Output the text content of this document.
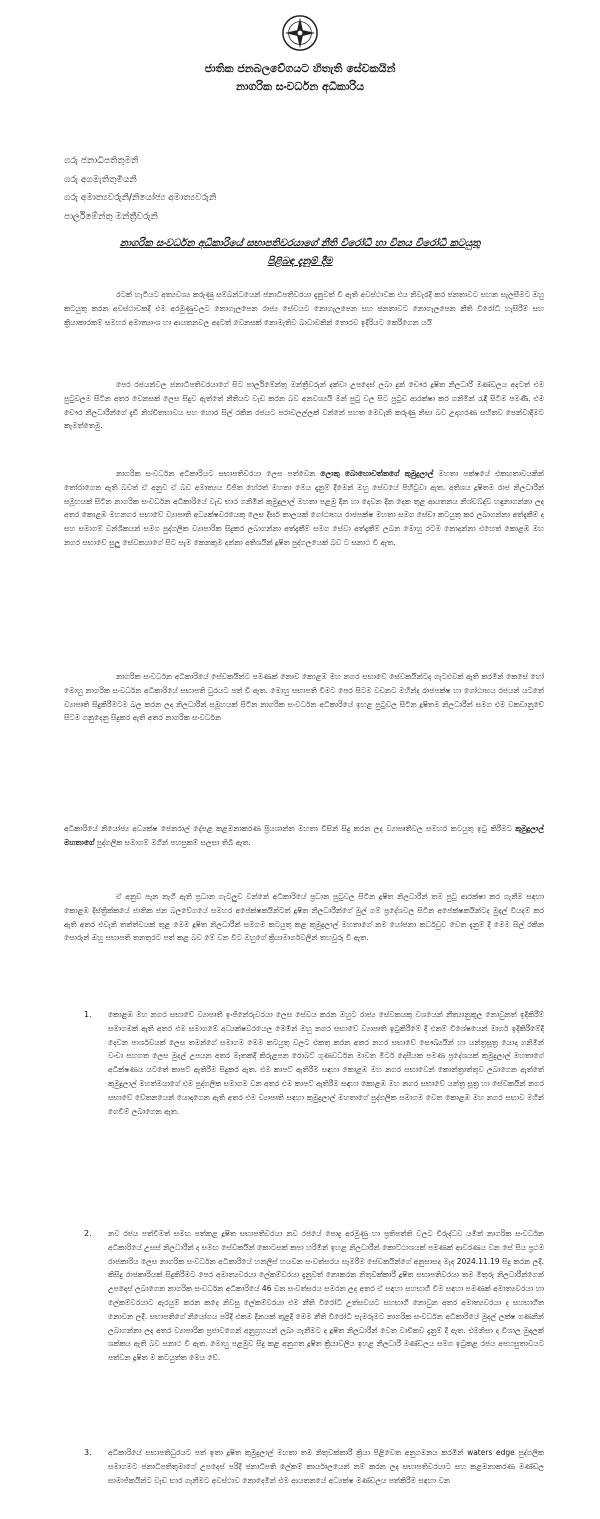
ජාතික ජනබලවේගයට හිතැති සේවකයින්
නාගරික සංවර්ධන අධිකාරිය
ගරු ජනාධිපතිතුමනි
ගරු අගමැතිතුමියනි
ගරු අමාත්‍යවරුනි/නියෝජ්‍ය අමාත්‍යවරුනි
පාර්ලිමේන්තු මන්ත්‍රීවරුනි
නාගරික සංවර්ධන අධිකාරියේ සභාපතිවරයාගේ නීති විරෝධී හා විනය විරෝධී කටයුතු
පිළිබඳ දැනුම් දීම

රටක් හැටියට අත්‍යවශ්‍ය කරුණු සම්බන්ධයෙන් ජනාධිපතිවරයා දැනුවත් වී ඇති අවස්ථාවක එය නිවැරදි කර ජනතාවට සහන සැලසීමට ඔහු කටයුතු කරන අවස්ථාවකදී එම අරමුණුවලට නොගැලපෙන රාජ්‍ය සේවයට නොගැලපෙන සහ ජනතාවට නොගැලපෙන නීති විරෝධී හැසිරීම් සහ ක්‍රියාකාරකම් සමහර අමාත්‍යාංශ හා ආයතනවල අදටත් වෙනසක් නොමැතිව බාධාවකින් තොරව ඉදිරියට කෙරීගෙන යයි

පෙර රජයන්වල ජනාධිපතිවරයාගේ සිට පාර්ලිමේන්තු මන්ත්‍රීවරුන් දක්වා උපදෙස් ලබා දුන් චෞර දූෂිත නිලධාරී මණ්ඩලය අදටත් එම පුටුවලම සිටින අතර වෙනසක් ලෙස සිදුව ඇත්තේ නීතියට වැඩ කරන බව අනවශ්‍යයි මන් පුටු වල සිට පුටුව ආරක්ෂා කර ගනිමින් රැඳී සිටීම පමණි. එම චෞර නිලධාරීන්ගේ දැඩි නිශ්චිතභාවය සහ හොර සිල් රකින රජයට පරාවලල්ලක් වන්නේ පහත මෙවැනි කරුණු නිසා බව උදාහරණ සහිතව පෙන්වාදීමට කැමත්තෙමු.

නාගරික සංවර්ධන අධිකාරියට සභාපතිවරයා ලෙස පත්වෙන ලොකු බොහොචත්තගේ කුමුදුලාල් මහතා පක්ෂයේ එකඟතාවයකින් තෝරාගෙන ඇති බවත් ඒ අනුව ඒ බව අමාත්‍යය විජිත හේරත් මහතා මෙය දැනුම් දීමෙන් ඔහු සේවයේ පිහිටුවා ඇත. අතිශය දූෂිතම රාජ නිලධාරීන් සමූහයක් සිටින නාගරික සංවර්ධන අධිකාරියේ වැඩ භාර ගනිමින් කුමුදුලාල් මහතා පළමු දින හා දෙවන දින දෙක තුළ ආයතනය නිශ්චබ්ද්ව හඳුනාගන්නා ලද අතර කොළඹ මහනගර සභාවේ ව්‍යාපෘති අධ්‍යක්ෂවරයෙකු ලෙස දීර්ඝ කාලයක් ගෝඨාභය රාජපක්ෂ මහතා සමග සේවා කටයුතු කර ලබාගන්නා අත්දැකීම් ද සහ සමාගම් වන්ශිකයන් සමග පුද්ගලික ව්‍යාපාරික සිදුකර ලබාගන්නා අත්දැකීම් සමග සේවා අත්දැකීම් ලබන මොහු රටම නොදන්නා එහෙත් කොළඹ මහ නගර සභාවේ සුලු සේවකයාගේ සිට සැම කෙනකුම දන්නා අතිශයින් දූෂිත පුද්ගලයෙක් බව ට සනාථ වී ඇත.

නාගරික සංවර්ධන අධිකාරියේ සේවකයින්ට පමණක් නොව කොළඹ මහ නගර සභාවේ සේවකයින්ටද ගැටළුවක් ඇති කරමින් කෙසේ හෝ මොහු නාගරික සංවර්ධන අධිකාරියේ සභාපති ධුරයට පත් වී ඇත. මොහු සභාපති වීමට පෙර සිටම වචනට මහින්ද රාජපක්ෂ හා ගෝඨාභය රජයන් යටතේ ව්‍යාපෘති සිදුකිරීමටම බල කරන ලද නිලධාරීන් සමූහයක් සිටින නාගරික සංවර්ධන අධිකාරියේ ඉහළ පුටුවල සිටින දූෂිතම නිලධාරීන් සමග එම වකවානුවේ සිටම ගනුදෙනු සිදුකර ඇති අතර නාගරික සංවර්ධන

අධිකාරියේ නියෝජ්‍ය අධ්‍යක්ෂ ජෙනරාල් දේපළ කළමනාකරණ ප්‍රියශාන්ත මහතා විසින් සිදු කරන ලද ව්‍යාපෘතිවල සමහර කටයුතු ඉටු කිරීමට කුමුදුලාල් මහතාගේ පුද්ගලික සමාගම් මගින් පහසුකම් සලසා තිබී ඇත.

ඒ අනුව පැන නැගී ඇති ප්‍රධාන ගැටලුව වන්නේ අධිකාරියේ ප්‍රධාන පුටුවල සිටින දූෂිත නිලධාරීන් තම පුටු ආරක්ෂා කර ගැනීම සඳහා කොළඹ දිස්ත්‍රික්කයේ ජාතික ජන බලවේගයේ සමහර අපේක්ෂකයින්ටත් දූෂිත නිලධාරීන්ගේ මුල් ගම් ප්‍රදේශවල සිටින අපේක්ෂකයින්ටද මුදල් වියදම් කර ඇති අතර එවැනි තත්ත්වයක් තුළ මෙම දූෂිත නිලධාරීන් සමගම කටයුතු කළ කුමුදුලාල් මහතාගේ නම යෝජනා කර්ධවුව වෙත දැනුම් දී මෙම සිල් රකින සොරුන් ඔහු සභාපති තනතුරට පත් කළ බව මේ වන විට ඔහුගේ ක්‍රියාමාර්ගවලින් තහවුරු වී ඇත.

1.	කොළඹ මහ නගර සභාවේ ව්‍යාපෘති ඉංජිනේරුවරයා ලෙස සේවය කරන ඔහුට රාජ්‍ය සේවකයකු වශයෙන් නීත්‍යානුකූල නොවුනත් ඉදිකිරීම් සමාගමක් ඇති අතර එම සමාගමේ අධ්‍යක්ෂවරයෙල මෙමින් ඔහු නගර සභාවේ ව්‍යාපෘති ඉටුකිරීමේ දී එනම් විශේෂයෙන් මාර්ග ඉදිකිරීමේදී දෙවන පාර්ශවයක් ලෙස තමන්ගේ සමාගම මෙම කටයුතු වලට එකතු කරන අතර නගර සභාවේ සෞඛ්‍යයින් හා යන්ත්‍රසූත්‍ර යොදා ගනිමින් වංචා සහගත ලෙස මුදල් උපයන අතර මෑතකදී කිරුළපන රොබට් ගුණවර්ධන මාවත මීටර් දෙසීයක පමණ ප්‍රදේශයක් කුමුදුලාල් මහතාගේ අධීක්ෂණය යටතේ කාපට් ඇතිරීම සිදුකර ඇත. එම කාපට් ඇතිරීම සඳහා කොළඹ මහ නගර සභාවෙන් කොන්ත්‍රාත්තුව ලබාගෙන ඇත්තේ කුමුදුලාල් මහත්මයාගේ එම පුද්ගලික සමාගම වන අතර එම කාපට් ඇතිරීම සඳහා කොළඹ මහ නගර සභාවේ යන්ත්‍ර සූත්‍ර හා සේවකයින් නගර සභාවේ වේතනයෙන් යොදාගෙන ඇති අතර එම ව්‍යාපෘති සඳහා කුමුදුලාල් මහතාගේ පුද්ගලික සමාගම වෙත කොළඹ මහ නගර සභාව මගින් ගෙවීම් ලබාගෙන ඇත.

2.	නව රජය පත්වීමත් සමඟ පත්කළ දූෂිත සභාපතිවරයා නව රජයේ පොදු අරමුණු හා ප්‍රතිපත්ති වලට විරුද්ධව යමින් නාගරික සංවර්ධන අධිකාරියේ උසස් නිලධාරීන් ද සමඟ සේවකයින් කොටසක් කපා හරිමින් ඉහළ නිලධාරීන් කොට්ඨාශයක් පමණක් ආවරණය වන සේ සිය ප්‍රථම රාජකාරිය ලෙස නාගරික සංවර්ධන අධිකාරියේ හනලිස් හයවන සංවත්සරය සැමරීම සේවකයින්ගේ අනුසාසද මැද 2024.11.19 සිදු කරන ලදී. කිසිදු රාජකාරියක් සිදුකිරීමට පෙර අමාත්‍යවරයා ලේකම්වරයා දැනුවත් නොකරන නිතුවක්කාරී දූෂිත සභාපතිවරයා තම මිතුරු නිලධාරීන්ගෙන් උපදෙස් ලබාගෙන නාගරික සංවර්ධන අධිකාරියේ 46 වන සංවත්සරය සමරන ලද අතර ඒ සඳහා සහභාගී වීම සඳහා පමණක් අමාත්‍යවරයා හා ලේකම්වරයාට ඇරයුම් කරන කදෙ නිවසු ලේකම්වරයා එම නීති විරෝධී උත්සවයට සහභාගී නොවුන අතර අමාත්‍යවරයා ද සහභාගීත නොවන ලදී. සභාපතිගේ නියෝගය පරිදි එකම දිනයක් තුළදී මෙම නීති විරෝධී සැමරුමට නාගරික සංවර්ධන අධිකාරියේ මුදල් ලක්ෂ ගණනින් ලබාගන්නා ලද අතර ව්‍යාපාරික ප්‍රජාවගෙන් අනුග්‍රහයන් ලබා ගැනීමට ද දූෂිත නිලධාරීන් වෙත වාචිකව දැනුම් දී ඇත. එමනිසා ද විශාල මුදලක් ශක්කය ඇති බව සනාථ වී ඇත. මොහු පළමුව සිදු කළ අනුගත දූෂිත ක්‍රියාවලිය ඉහළ නිලධාරී මණ්ඩලය සමග ඉටුකළ රජය අපහසුතාවයට පත්වන දූෂිත ම කටයුත්ත මෙය වේ.

3.	අධිකාරියේ සභාපතිධුරයට පත් ඉතා දූෂිත කුමුදුලාල් මහතා තම නිතුවක්කාරී ක්‍රියා පිළිවෙත අනුගමනය කරමින් waters edge පුද්ගලික සමාගමට ජනාධිපතිතුමාගේ උපදෙස් පරිදි ජනාධිපති ලේකම් කාර්යාලයෙන් නම් කරන ලද සභාපතිවරයාට සහ කළමනාකරණ මණ්ඩල සාමාජිකයින්ට වැඩ භාර ගැනීමට අවස්ථාව නොදෙමින් එම ආයතනයේ අධ්‍යක්ෂ මණ්ඩලය පත්කිරීම සඳහා වන
